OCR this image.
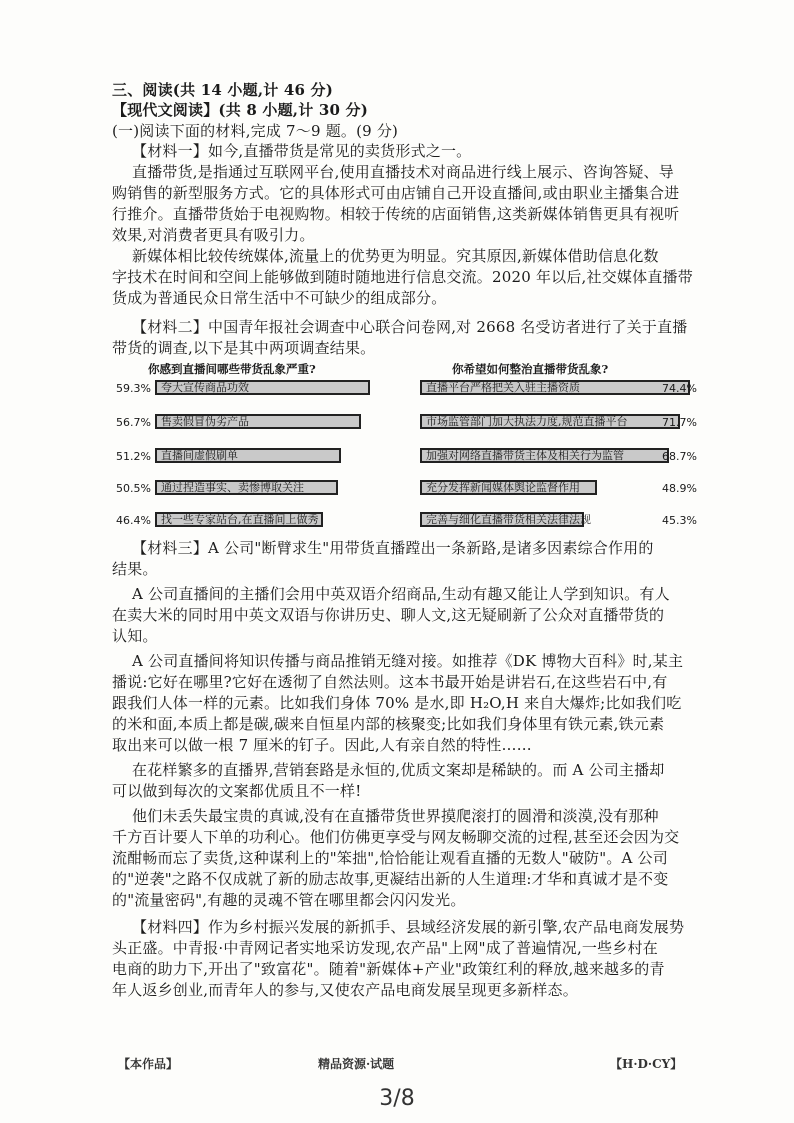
三、阅读(共 14 小题,计 46 分)
【现代文阅读】(共 8 小题,计 30 分)
(一)阅读下面的材料,完成 7～9 题。(9 分)
【材料一】如今,直播带货是常见的卖货形式之一。
直播带货,是指通过互联网平台,使用直播技术对商品进行线上展示、咨询答疑、导
购销售的新型服务方式。它的具体形式可由店铺自己开设直播间,或由职业主播集合进
行推介。直播带货始于电视购物。相较于传统的店面销售,这类新媒体销售更具有视听
效果,对消费者更具有吸引力。
新媒体相比较传统媒体,流量上的优势更为明显。究其原因,新媒体借助信息化数
字技术在时间和空间上能够做到随时随地进行信息交流。2020 年以后,社交媒体直播带
货成为普通民众日常生活中不可缺少的组成部分。
【材料二】中国青年报社会调查中心联合问卷网,对 2668 名受访者进行了关于直播
带货的调查,以下是其中两项调查结果。
你感到直播间哪些带货乱象严重?	你希望如何整治直播带货乱象?
夸大宣传商品功效
59.3%
售卖假冒伪劣产品
56.7%
直播间虚假刷单
51.2%
通过捏造事实、卖惨博取关注
50.5%
找一些专家站台,在直播间上做秀
46.4%
直播平台严格把关入驻主播资质	74.4%
市场监管部门加大执法力度,规范直播平台	71.7%
加强对网络直播带货主体及相关行为监管	68.7%
充分发挥新闻媒体舆论监督作用	48.9%
完善与细化直播带货相关法律法规	45.3%
【材料三】A 公司"断臂求生"用带货直播蹚出一条新路,是诸多因素综合作用的
结果。
A 公司直播间的主播们会用中英双语介绍商品,生动有趣又能让人学到知识。有人
在卖大米的同时用中英文双语与你讲历史、聊人文,这无疑刷新了公众对直播带货的
认知。
A 公司直播间将知识传播与商品推销无缝对接。如推荐《DK 博物大百科》时,某主
播说:它好在哪里?它好在透彻了自然法则。这本书最开始是讲岩石,在这些岩石中,有
跟我们人体一样的元素。比如我们身体 70% 是水,即 H₂O,H 来自大爆炸;比如我们吃
的米和面,本质上都是碳,碳来自恒星内部的核聚变;比如我们身体里有铁元素,铁元素
取出来可以做一根 7 厘米的钉子。因此,人有亲自然的特性……
在花样繁多的直播界,营销套路是永恒的,优质文案却是稀缺的。而 A 公司主播却
可以做到每次的文案都优质且不一样!
他们未丢失最宝贵的真诚,没有在直播带货世界摸爬滚打的圆滑和淡漠,没有那种
千方百计要人下单的功利心。他们仿佛更享受与网友畅聊交流的过程,甚至还会因为交
流酣畅而忘了卖货,这种谋利上的"笨拙",恰恰能让观看直播的无数人"破防"。A 公司
的"逆袭"之路不仅成就了新的励志故事,更凝结出新的人生道理:才华和真诚才是不变
的"流量密码",有趣的灵魂不管在哪里都会闪闪发光。
【材料四】作为乡村振兴发展的新抓手、县域经济发展的新引擎,农产品电商发展势
头正盛。中青报·中青网记者实地采访发现,农产品"上网"成了普遍情况,一些乡村在
电商的助力下,开出了"致富花"。随着"新媒体+产业"政策红利的释放,越来越多的青
年人返乡创业,而青年人的参与,又使农产品电商发展呈现更多新样态。
【本作品】	精品资源·试题	【H·D·CY】
3/8
